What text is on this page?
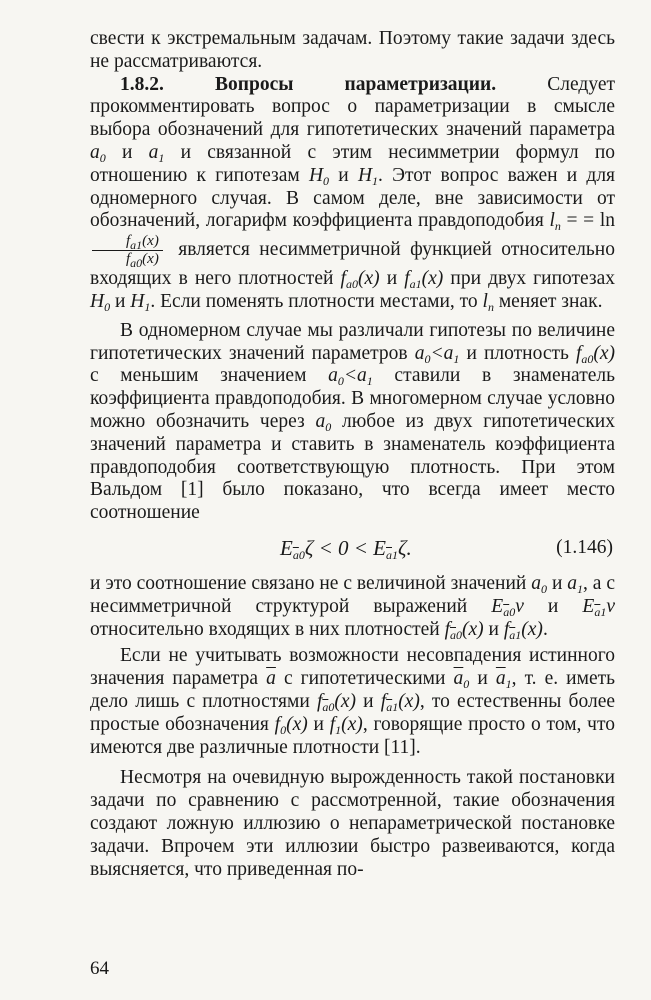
свести к экстремальным задачам. Поэтому такие задачи здесь не рассматриваются.

1.8.2. Вопросы параметризации.	Следует прокомментировать вопрос о параметризации в смысле выбора обозначений для гипотетических значений параметра $a_0$ и $a_1$ и связанной с этим несимметрии формул по отношению к гипотезам $H_0$ и $H_1$. Этот вопрос важен и для одномерного случая. В самом деле, вне зависимости от обозначений, логарифм коэффициента правдоподобия $l_n$ = = ln
$\frac{f_{a1}(x)}{f_{a0}(x)}$ является несимметричной функцией относительно входящих в него плотностей $f_{a0}(x)$ и $f_{a1}(x)$ при двух гипотезах $H_0$ и $H_1$. Если поменять плотности местами, то $l_n$ меняет знак.

В одномерном случае мы различали гипотезы по величине гипотетических значений параметров $a_0<a_1$ и плотность $f_{a0}(x)$ с меньшим значением $a_0<a_1$ ставили в знаменатель коэффициента правдоподобия. В многомерном случае условно можно обозначить через $a_0$ любое из двух гипотетических значений параметра и ставить в знаменатель коэффициента правдоподобия соответствующую плотность. При этом Вальдом [1] было показано, что всегда имеет место соотношение

$E_{\overline{a}0}\zeta < 0 < E_{\overline{a}1}\zeta$.	(1.146)

и это соотношение связано не с величиной значений $a_0$ и $a_1$, а с несимметричной структурой выражений $E_{\overline{a}0}\nu$ и $E_{\overline{a}1}\nu$ относительно входящих в них плотностей $f_{\overline{a}0}(x)$ и $f_{\overline{a}1}(x)$.

Если не учитывать возможности несовпадения истинного значения параметра $\overline{a}$ с гипотетическими $\overline{a}_0$ и $\overline{a}_1$, т. е. иметь дело лишь с плотностями $f_{\overline{a}0}(x)$ и $f_{\overline{a}1}(x)$, то естественны более простые обозначения $f_0(x)$ и $f_1(x)$, говорящие просто о том, что имеются две различные плотности [11].

Несмотря на очевидную вырожденность такой постановки задачи по сравнению с рассмотренной, такие обозначения создают ложную иллюзию о непараметрической постановке задачи. Впрочем эти иллюзии быстро развеиваются, когда выясняется, что приведенная по-

64
